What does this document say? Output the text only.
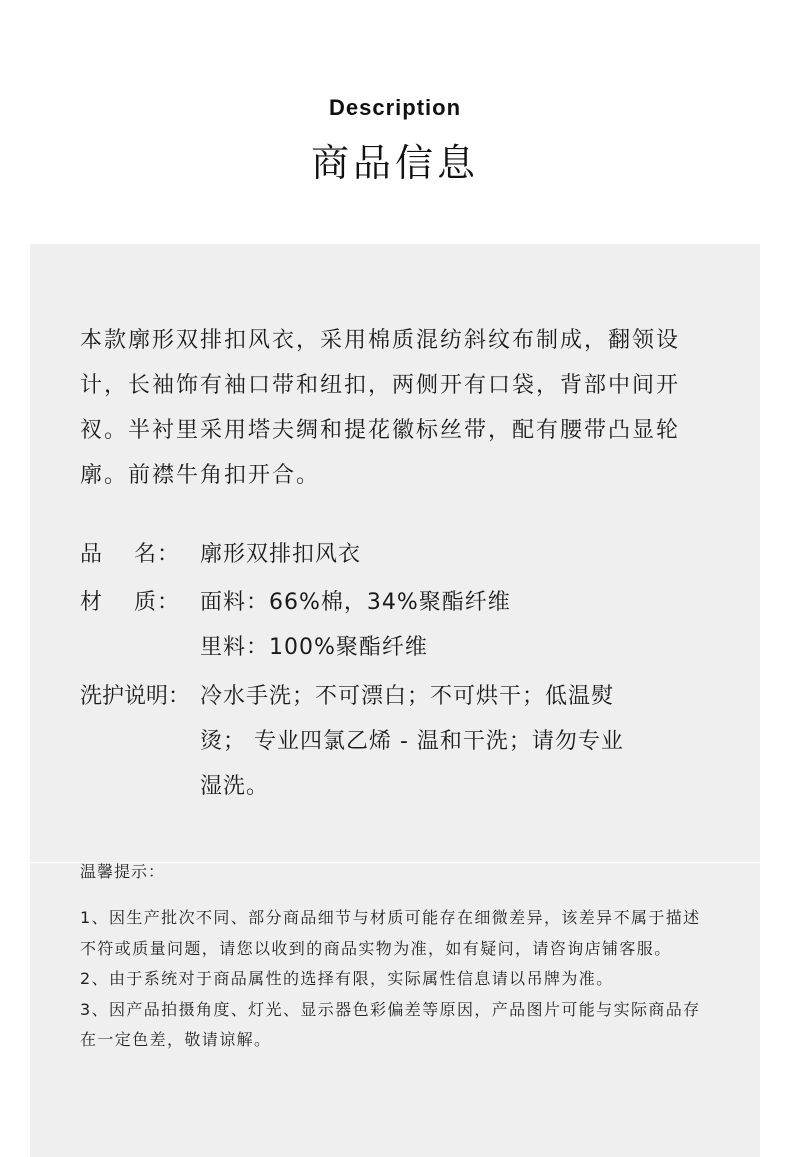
Description
商品信息
本款廓形双排扣风衣，采用棉质混纺斜纹布制成，翻领设计，长袖饰有袖口带和纽扣，两侧开有口袋，背部中间开衩。半衬里采用塔夫绸和提花徽标丝带，配有腰带凸显轮廓。前襟牛角扣开合。
品　 名： 廓形双排扣风衣
材　 质： 面料：66%棉，34%聚酯纤维
里料：100%聚酯纤维
洗护说明： 冷水手洗；不可漂白；不可烘干；低温熨烫； 专业四氯乙烯 - 温和干洗；请勿专业湿洗。
温馨提示：

1、因生产批次不同、部分商品细节与材质可能存在细微差异，该差异不属于描述不符或质量问题，请您以收到的商品实物为准，如有疑问，请咨询店铺客服。

2、由于系统对于商品属性的选择有限，实际属性信息请以吊牌为准。

3、因产品拍摄角度、灯光、显示器色彩偏差等原因，产品图片可能与实际商品存在一定色差，敬请谅解。
